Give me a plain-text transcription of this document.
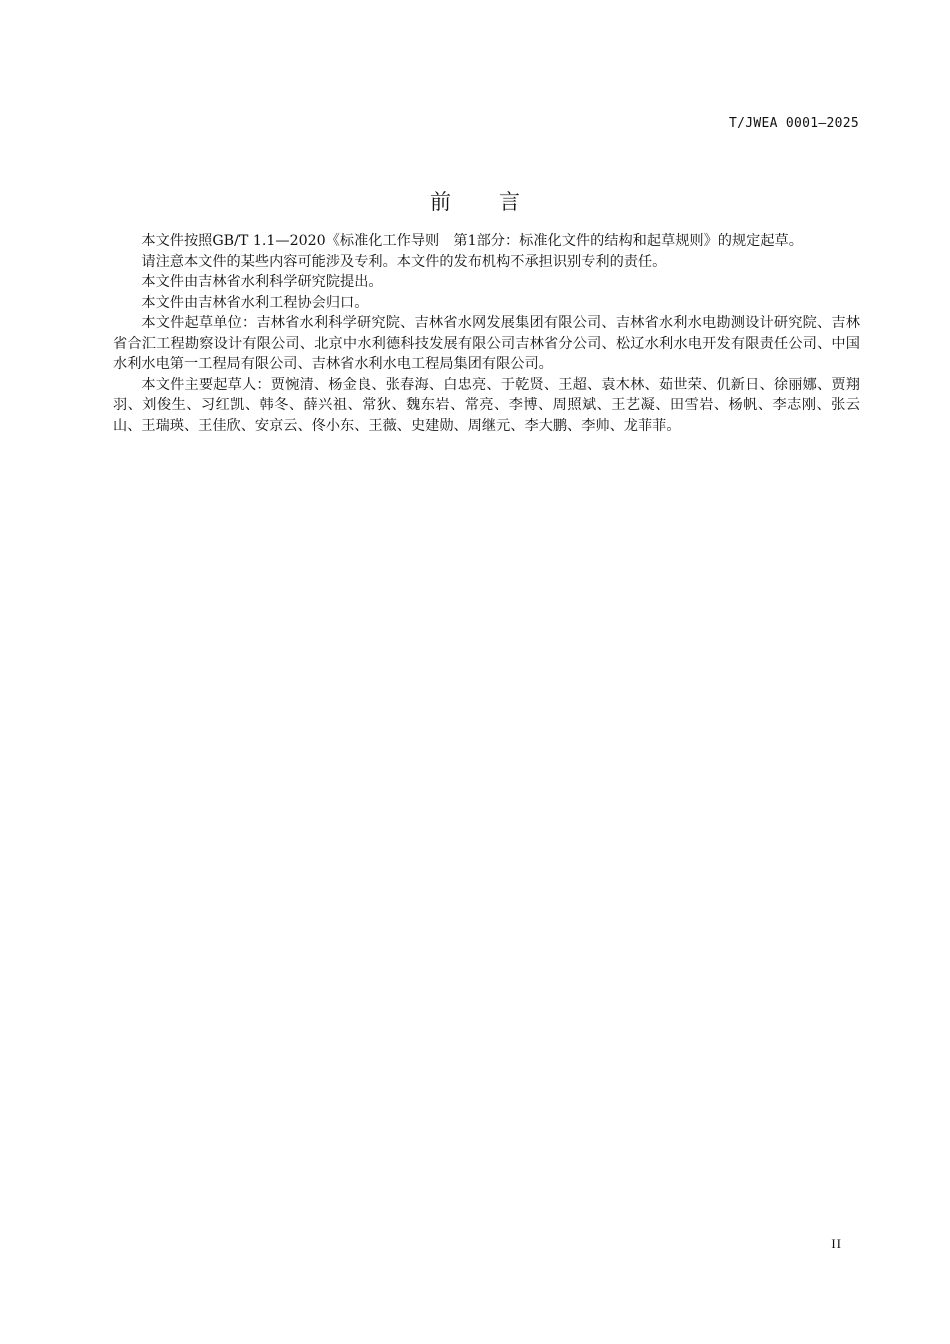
T/JWEA 0001—2025
前言

本文件按照GB/T 1.1—2020《标准化工作导则　第1部分：标准化文件的结构和起草规则》的规定起草。

请注意本文件的某些内容可能涉及专利。本文件的发布机构不承担识别专利的责任。

本文件由吉林省水利科学研究院提出。

本文件由吉林省水利工程协会归口。

本文件起草单位：吉林省水利科学研究院、吉林省水网发展集团有限公司、吉林省水利水电勘测设计研究院、吉林省合汇工程勘察设计有限公司、北京中水利德科技发展有限公司吉林省分公司、松辽水利水电开发有限责任公司、中国水利水电第一工程局有限公司、吉林省水利水电工程局集团有限公司。

本文件主要起草人：贾惋清、杨金良、张春海、白忠亮、于乾贤、王超、袁木林、茹世荣、仉新日、徐丽娜、贾翔羽、刘俊生、习红凯、韩冬、薛兴祖、常狄、魏东岩、常亮、李博、周照斌、王艺凝、田雪岩、杨帆、李志刚、张云山、王瑞瑛、王佳欣、安京云、佟小东、王薇、史建勋、周继元、李大鹏、李帅、龙菲菲。

II
